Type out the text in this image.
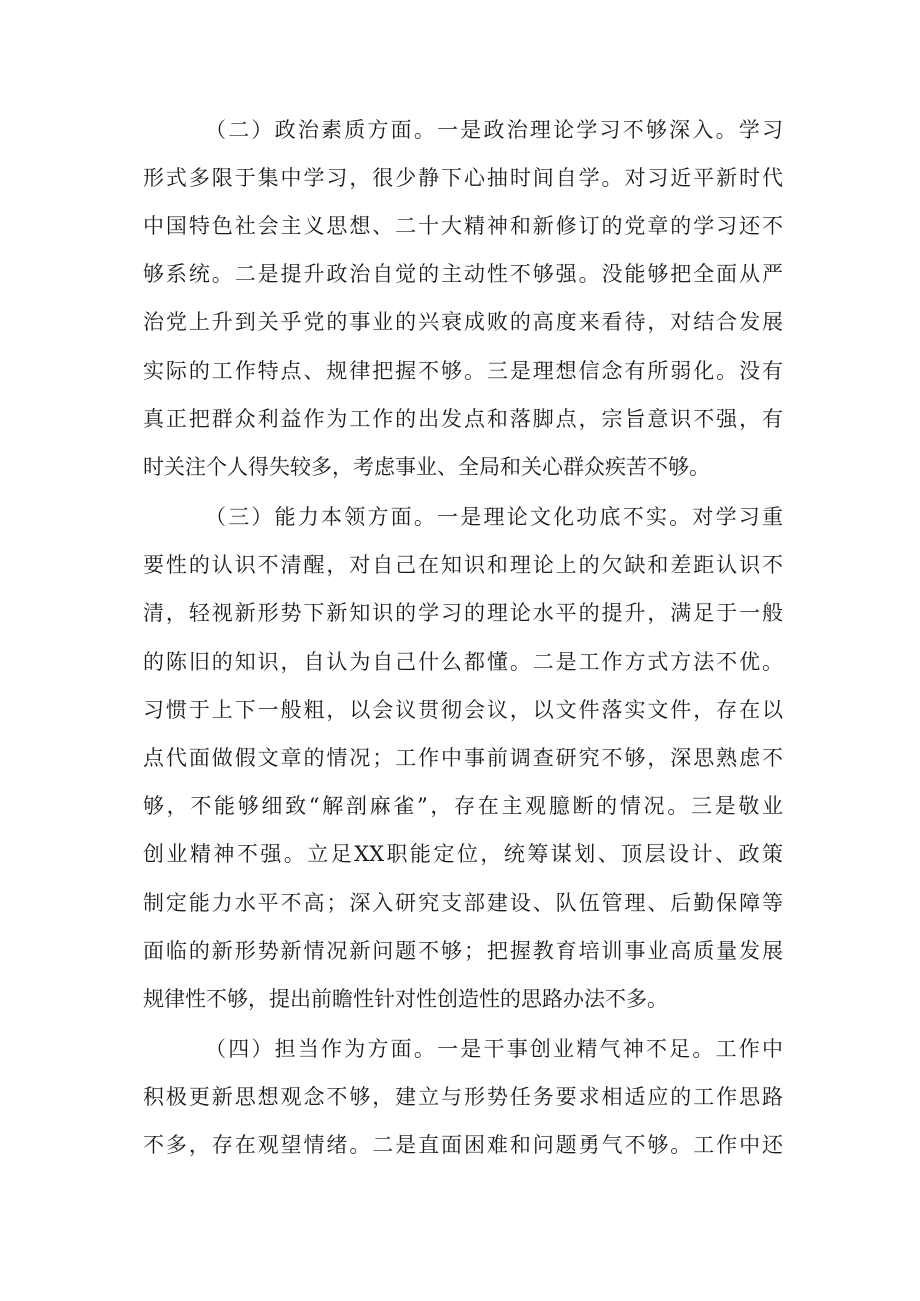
（二）政治素质方面。一是政治理论学习不够深入。学习
形式多限于集中学习，很少静下心抽时间自学。对习近平新时代
中国特色社会主义思想、二十大精神和新修订的党章的学习还不
够系统。二是提升政治自觉的主动性不够强。没能够把全面从严
治党上升到关乎党的事业的兴衰成败的高度来看待，对结合发展
实际的工作特点、规律把握不够。三是理想信念有所弱化。没有
真正把群众利益作为工作的出发点和落脚点，宗旨意识不强，有
时关注个人得失较多，考虑事业、全局和关心群众疾苦不够。
（三）能力本领方面。一是理论文化功底不实。对学习重
要性的认识不清醒，对自己在知识和理论上的欠缺和差距认识不
清，轻视新形势下新知识的学习的理论水平的提升，满足于一般
的陈旧的知识，自认为自己什么都懂。二是工作方式方法不优。
习惯于上下一般粗，以会议贯彻会议，以文件落实文件，存在以
点代面做假文章的情况；工作中事前调查研究不够，深思熟虑不
够，不能够细致“解剖麻雀”，存在主观臆断的情况。三是敬业
创业精神不强。立足XX职能定位，统筹谋划、顶层设计、政策
制定能力水平不高；深入研究支部建设、队伍管理、后勤保障等
面临的新形势新情况新问题不够；把握教育培训事业高质量发展
规律性不够，提出前瞻性针对性创造性的思路办法不多。
（四）担当作为方面。一是干事创业精气神不足。工作中
积极更新思想观念不够，建立与形势任务要求相适应的工作思路
不多，存在观望情绪。二是直面困难和问题勇气不够。工作中还
